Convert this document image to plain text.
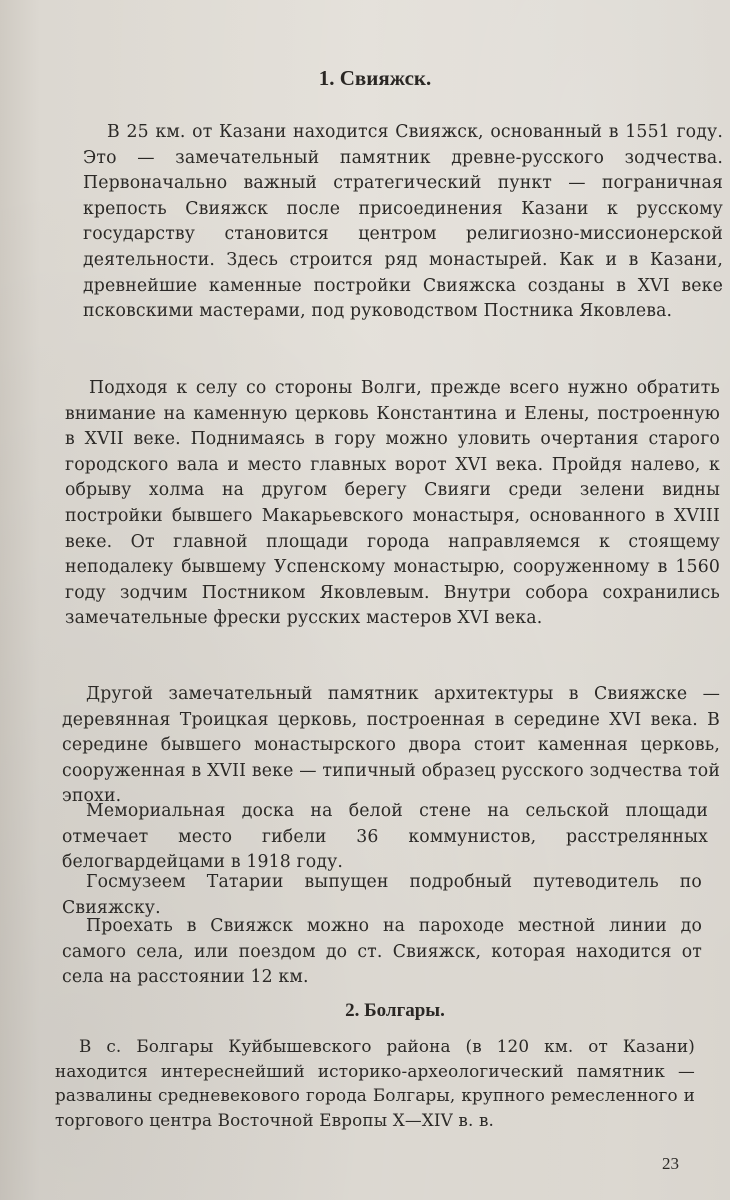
1. Свияжск.

В 25 км. от Казани находится Свияжск, основанный в 1551 году. Это — замечательный памятник древне-русского зодчества. Первоначально важный стратегический пункт — пограничная крепость Свияжск после присоединения Казани к русскому государству становится центром религиозно-миссионерской деятельности. Здесь строится ряд монастырей. Как и в Казани, древнейшие каменные постройки Свияжска созданы в XVI веке псковскими мастерами, под руководством Постника Яковлева.

Подходя к селу со стороны Волги, прежде всего нужно обратить внимание на каменную церковь Константина и Елены, построенную в XVII веке. Поднимаясь в гору можно уловить очертания старого городского вала и место главных ворот XVI века. Пройдя налево, к обрыву холма на другом берегу Свияги среди зелени видны постройки бывшего Макарьевского монастыря, основанного в XVIII веке. От главной площади города направляемся к стоящему неподалеку бывшему Успенскому монастырю, сооруженному в 1560 году зодчим Постником Яковлевым. Внутри собора сохранились замечательные фрески русских мастеров XVI века.

Другой замечательный памятник архитектуры в Свияжске — деревянная Троицкая церковь, построенная в середине XVI века. В середине бывшего монастырского двора стоит каменная церковь, сооруженная в XVII веке — типичный образец русского зодчества той эпохи.

Мемориальная доска на белой стене на сельской площади отмечает место гибели 36 коммунистов, расстрелянных белогвардейцами в 1918 году.

Госмузеем Татарии выпущен подробный путеводитель по Свияжску.

Проехать в Свияжск можно на пароходе местной линии до самого села, или поездом до ст. Свияжск, которая находится от села на расстоянии 12 км.

2. Болгары.

В с. Болгары Куйбышевского района (в 120 км. от Казани) находится интереснейший историко-археологический памятник — развалины средневекового города Болгары, крупного ремесленного и торгового центра Восточной Европы X—XIV в. в.

23
